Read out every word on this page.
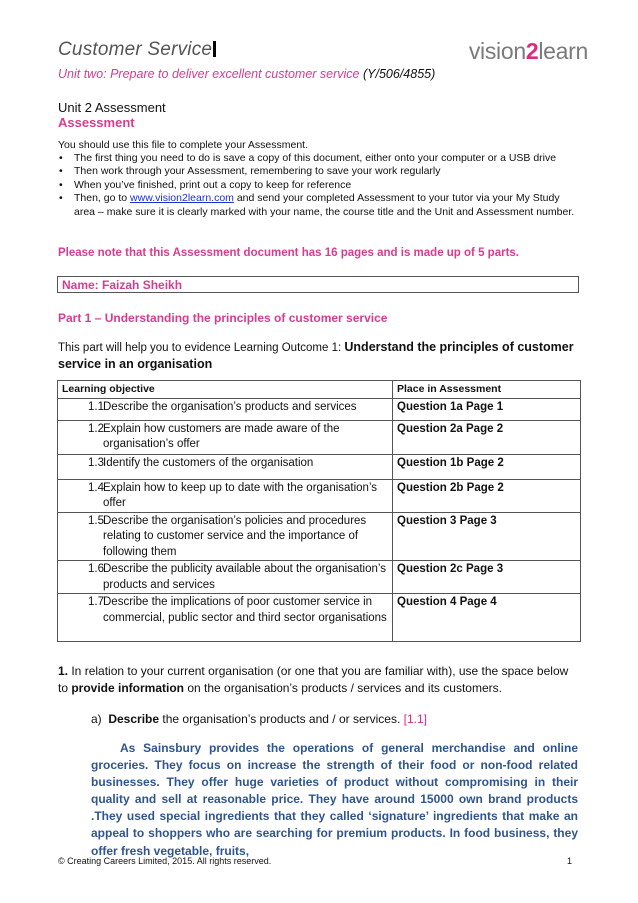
Customer Service	vision2learn
Unit two: Prepare to deliver excellent customer service (Y/506/4855)
Unit 2 Assessment
Assessment
You should use this file to complete your Assessment.
• The first thing you need to do is save a copy of this document, either onto your computer or a USB drive
• Then work through your Assessment, remembering to save your work regularly
• When you’ve finished, print out a copy to keep for reference
• Then, go to www.vision2learn.com and send your completed Assessment to your tutor via your My Study area – make sure it is clearly marked with your name, the course title and the Unit and Assessment number.
Please note that this Assessment document has 16 pages and is made up of 5 parts.
Name: Faizah Sheikh
Part 1 – Understanding the principles of customer service
This part will help you to evidence Learning Outcome 1: Understand the principles of customer service in an organisation
Learning objective	Place in Assessment

1.1 Describe the organisation’s products and services	Question 1a Page 1

1.2 Explain how customers are made aware of the organisation’s offer	Question 2a Page 2

1.3 Identify the customers of the organisation	Question 1b Page 2

1.4 Explain how to keep up to date with the organisation’s offer	Question 2b Page 2

1.5 Describe the organisation’s policies and procedures relating to customer service and the importance of following them	Question 3 Page 3

1.6 Describe the publicity available about the organisation’s products and services	Question 2c Page 3

1.7 Describe the implications of poor customer service in commercial, public sector and third sector organisations	Question 4 Page 4
1. In relation to your current organisation (or one that you are familiar with), use the space below to provide information on the organisation’s products / services and its customers.
a) Describe the organisation’s products and / or services. [1.1]
As Sainsbury provides the operations of general merchandise and online groceries. They focus on increase the strength of their food or non-food related businesses. They offer huge varieties of product without compromising in their quality and sell at reasonable price. They have around 15000 own brand products .They used special ingredients that they called ‘signature’ ingredients that make an appeal to shoppers who are searching for premium products. In food business, they offer fresh vegetable, fruits,
© Creating Careers Limited, 2015. All rights reserved.	1
